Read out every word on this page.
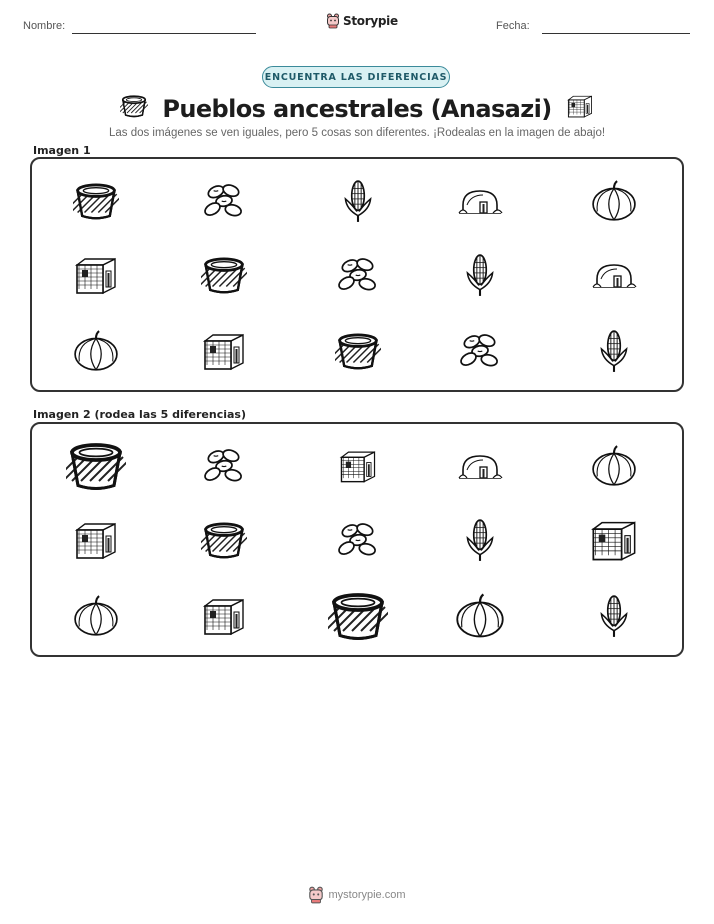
Nombre:	Storypie	Fecha:
ENCUENTRA LAS DIFERENCIAS
Pueblos ancestrales (Anasazi)
Las dos imágenes se ven iguales, pero 5 cosas son diferentes. ¡Rodealas en la imagen de abajo!
Imagen 1
Imagen 2 (rodea las 5 diferencias)
mystorypie.com
